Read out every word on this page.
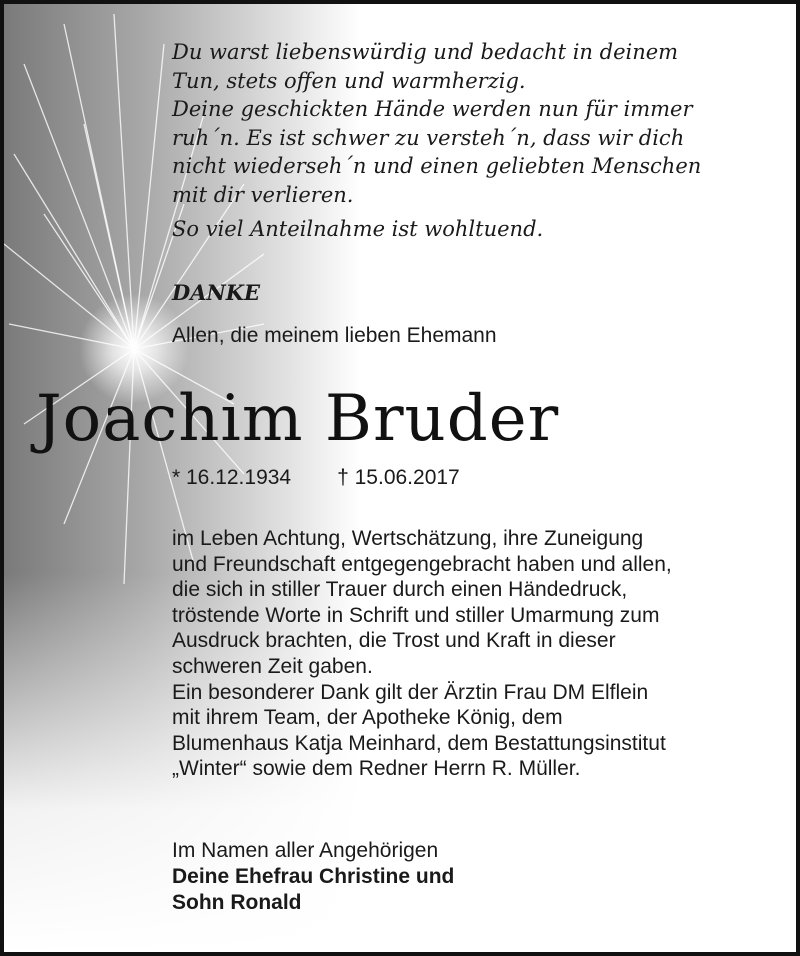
Du warst liebenswürdig und bedacht in deinem
Tun, stets offen und warmherzig.
Deine geschickten Hände werden nun für immer
ruh´n. Es ist schwer zu versteh´n, dass wir dich
nicht wiederseh´n und einen geliebten Menschen
mit dir verlieren.

So viel Anteilnahme ist wohltuend.

DANKE
Allen, die meinem lieben Ehemann
Joachim Bruder
* 16.12.1934 † 15.06.2017
im Leben Achtung, Wertschätzung, ihre Zuneigung
und Freundschaft entgegengebracht haben und allen,
die sich in stiller Trauer durch einen Händedruck,
tröstende Worte in Schrift und stiller Umarmung zum
Ausdruck brachten, die Trost und Kraft in dieser
schweren Zeit gaben.
Ein besonderer Dank gilt der Ärztin Frau DM Elflein
mit ihrem Team, der Apotheke König, dem
Blumenhaus Katja Meinhard, dem Bestattungsinstitut
„Winter“ sowie dem Redner Herrn R. Müller.
Im Namen aller Angehörigen
Deine Ehefrau Christine und
Sohn Ronald
